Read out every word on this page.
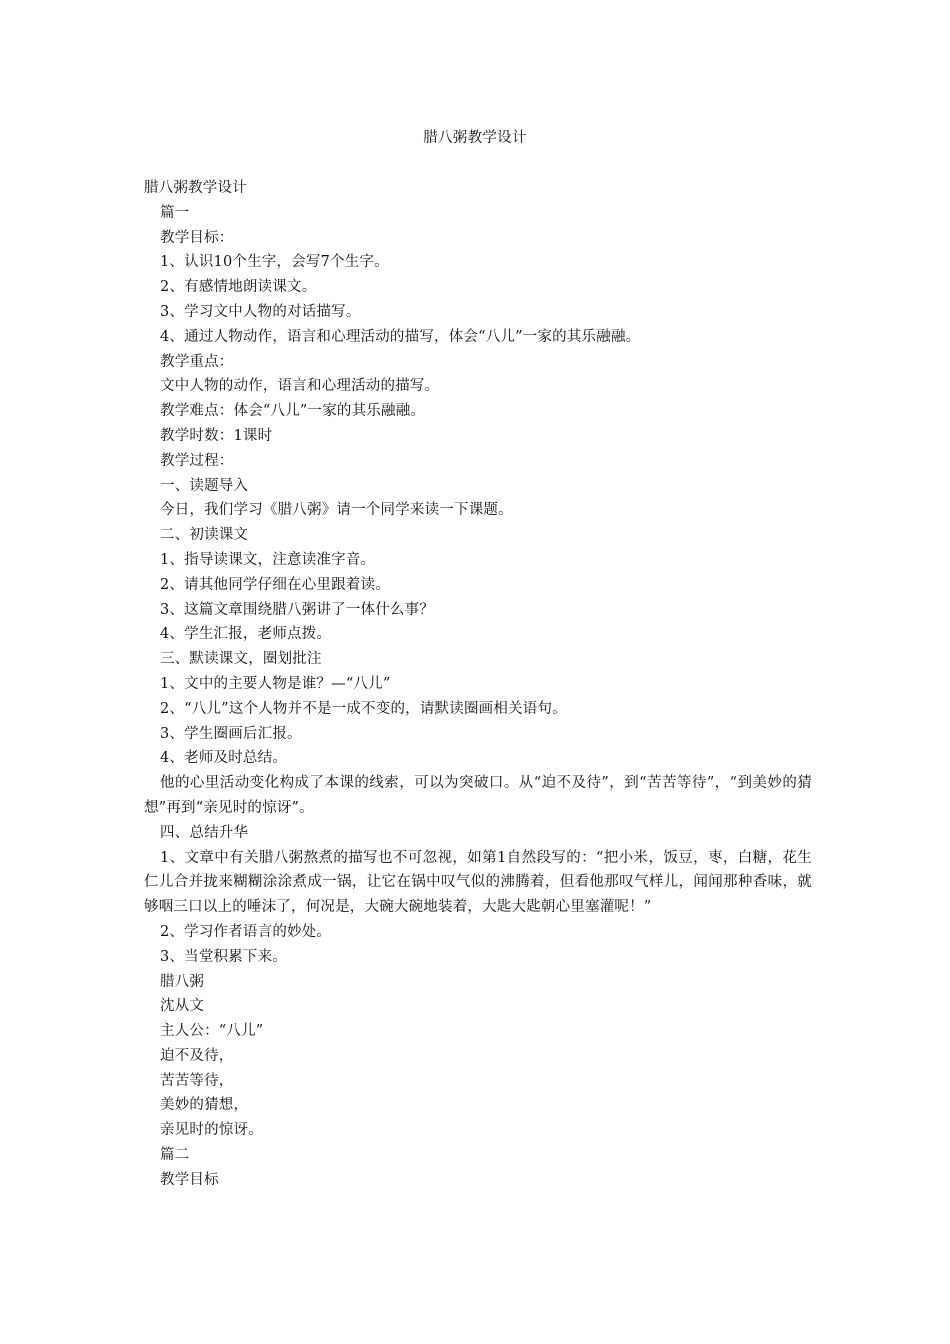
腊八粥教学设计
腊八粥教学设计
篇一
教学目标：
1、认识10个生字，会写7个生字。
2、有感情地朗读课文。
3、学习文中人物的对话描写。
4、通过人物动作，语言和心理活动的描写，体会“八儿”一家的其乐融融。
教学重点：
文中人物的动作，语言和心理活动的描写。
教学难点：体会“八儿”一家的其乐融融。
教学时数：1课时
教学过程：
一、读题导入
今日，我们学习《腊八粥》请一个同学来读一下课题。
二、初读课文
1、指导读课文，注意读准字音。
2、请其他同学仔细在心里跟着读。
3、这篇文章围绕腊八粥讲了一体什么事？
4、学生汇报，老师点拨。
三、默读课文，圈划批注
1、文中的主要人物是谁？—“八儿”
2、“八儿”这个人物并不是一成不变的，请默读圈画相关语句。
3、学生圈画后汇报。
4、老师及时总结。
他的心里活动变化构成了本课的线索，可以为突破口。从“迫不及待”，到“苦苦等待”，“到美妙的猜想”再到“亲见时的惊讶”。
四、总结升华
1、文章中有关腊八粥熬煮的描写也不可忽视，如第1自然段写的：“把小米，饭豆，枣，白糖，花生仁儿合并拢来糊糊涂涂煮成一锅，让它在锅中叹气似的沸腾着，但看他那叹气样儿，闻闻那种香味，就够咽三口以上的唾沫了，何况是，大碗大碗地装着，大匙大匙朝心里塞灌呢！”
2、学习作者语言的妙处。
3、当堂积累下来。
腊八粥
沈从文
主人公：“八儿”
迫不及待，
苦苦等待，
美妙的猜想，
亲见时的惊讶。
篇二
教学目标
